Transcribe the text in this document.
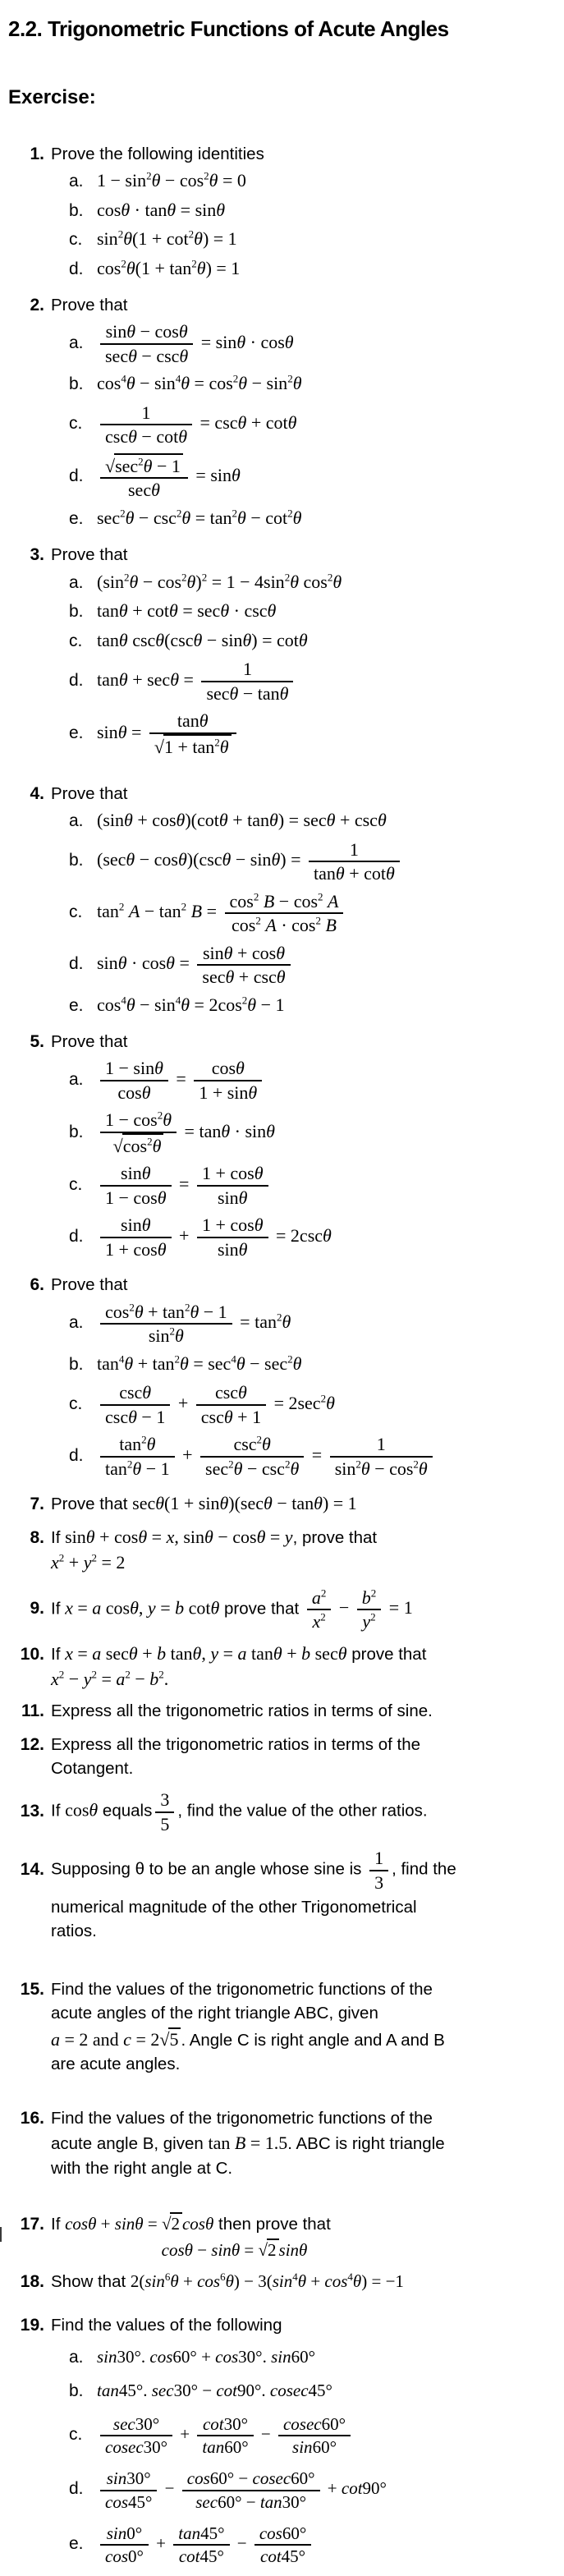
2.2. Trigonometric Functions of Acute Angles
Exercise:
1. Prove the following identities
a. $1 - \sin^2\theta - \cos^2\theta = 0$
b. cosθ · tanθ = sinθ
c. $\sin^2\theta(1 + \cot^2\theta) = 1$
d. $\cos^2\theta(1 + \tan^2\theta) = 1$
2. Prove that
a. $\frac{\sin\theta - \cos\theta}{\sec\theta - \csc\theta} = \sin\theta \cdot \cos\theta$
b. $\cos^4\theta - \sin^4\theta = \cos^2\theta - \sin^2\theta$
c. $\frac{1}{\csc\theta - \cot\theta} = \csc\theta + \cot\theta$
d. $\frac{√\sec^2\theta - 1}{\sec\theta} = \sin\theta$
e. $\sec^2\theta - \csc^2\theta = \tan^2\theta - \cot^2\theta$
3. Prove that
a. $(\sin^2\theta - \cos^2\theta)^2 = 1 - 4\sin^2\theta$ $\cos^2\theta$
b. tanθ + cotθ = secθ · cscθ
c. tanθ cscθ(cscθ − sinθ) = cotθ
d. $\tan\theta + \sec\theta = \frac{1}{\sec\theta - \tan\theta}$
e. $\sin\theta = \frac{\tan\theta}{√1 + \tan^2\theta}$
4. Prove that
a. (sinθ + cosθ)(cotθ + tanθ) = secθ + cscθ
b. $(\sec\theta - \cos\theta)(\csc\theta - \sin\theta) = \frac{1}{\tan\theta + \cot\theta}$
c. $\tan^2 A - \tan^2 B = \frac{\cos^2 B - \cos^2 A}{\cos^2 A \cdot \cos^2 B}$
d. $\sin\theta \cdot \cos\theta = \frac{\sin\theta + \cos\theta}{\sec\theta + \csc\theta}$
e. $\cos^4\theta - \sin^4\theta = 2\cos^2\theta - 1$
5. Prove that
a. $\frac{1 - \sin\theta}{\cos\theta} = \frac{\cos\theta}{1 + \sin\theta}$
b. $\frac{1 - \cos^2\theta}{√\cos^2\theta} = \tan\theta \cdot \sin\theta$
c. $\frac{\sin\theta}{1 - \cos\theta} = \frac{1 + \cos\theta}{\sin\theta}$
d. $\frac{\sin\theta}{1 + \cos\theta} + \frac{1 + \cos\theta}{\sin\theta} = 2\csc\theta$
6. Prove that
a. $\frac{\cos^2\theta + \tan^2\theta - 1}{\sin^2\theta} = \tan^2\theta$
b. $\tan^4\theta + \tan^2\theta = \sec^4\theta - \sec^2\theta$
c. $\frac{\csc\theta}{\csc\theta - 1} + \frac{\csc\theta}{\csc\theta + 1} = 2\sec^2\theta$
d. $\frac{\tan^2\theta}{\tan^2\theta - 1} + \frac{\csc^2\theta}{\sec^2\theta - \csc^2\theta} = \frac{1}{\sin^2\theta - \cos^2\theta}$
7. Prove that secθ(1 + sinθ)(secθ − tanθ) = 1
8. If sinθ + cosθ = x, sinθ − cosθ = y, prove that
$x^2 + y^2 = 2$
9. If x = a cosθ, y = b cotθ prove that $\frac{a^2}{x^2} - \frac{b^2}{y^2} = 1$
10. If x = a secθ + b tanθ, y = a tanθ + b secθ prove that
$x^2 - y^2 = a^2 - b^2$.
11. Express all the trigonometric ratios in terms of sine.
12. Express all the trigonometric ratios in terms of the
Cotangent.
13. If cosθ equals $\frac{3}{5}$ , find the value of the other ratios.
14. Supposing θ to be an angle whose sine is $\frac{1}{3}$ , find the
numerical magnitude of the other Trigonometrical
ratios.
15. Find the values of the trigonometric functions of the
acute angles of the right triangle ABC, given
a = 2 and c = 2√5 . Angle C is right angle and A and B
are acute angles.
16. Find the values of the trigonometric functions of the
acute angle B, given tan B = 1.5. ABC is right triangle
with the right angle at C.
17. If cosθ + sinθ = √2 cosθ then prove that
cosθ − sinθ = √2 sinθ
18. Show that $2(\sin^6\theta + \cos^6\theta) - 3(\sin^4\theta + \cos^4\theta) = -1$
19. Find the values of the following
a. sin30°. cos60° + cos30°. sin60°
b. tan45°. sec30° − cot90°. cosec45°
c.	$\frac{\sec 30^\circ}{cosec30^\circ} + \frac{\cot 30^\circ}{\tan 60^\circ} - \frac{cosec60^\circ}{\sin 60^\circ}$
d. $\frac{\sin 30^\circ}{\cos 45^\circ} - \frac{\cos 60^\circ - cosec60^\circ}{\sec 60^\circ - \tan 30^\circ} + \cot 90^\circ$
e. $\frac{\sin 0^\circ}{\cos 0^\circ} + \frac{\tan 45^\circ}{\cot 45^\circ} - \frac{\cos 60^\circ}{\cot 45^\circ}$
